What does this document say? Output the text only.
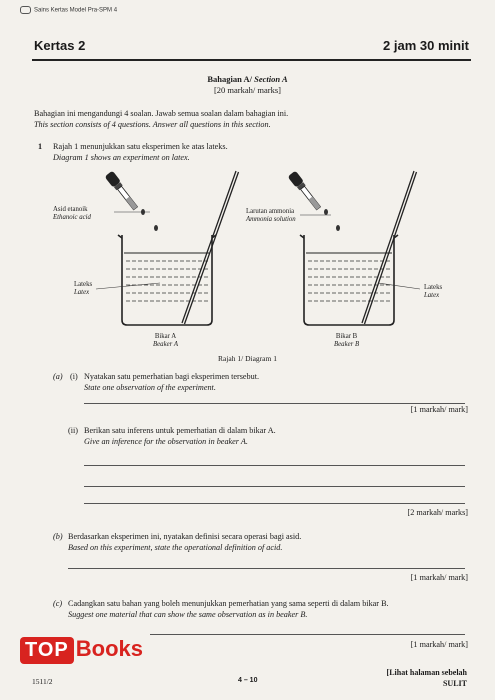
Sains Kertas Model Pra-SPM 4
Kertas 2	2 jam 30 minit
Bahagian A/ Section A
[20 markah/ marks]
Bahagian ini mengandungi 4 soalan. Jawab semua soalan dalam bahagian ini.
This section consists of 4 questions. Answer all questions in this section.
1 Rajah 1 menunjukkan satu eksperimen ke atas lateks.
Diagram 1 shows an experiment on latex.
Asid etanoik
Ethanoic acid
Lateks
Latex
Bikar A
Beaker A
Larutan ammonia
Ammonia solution
Lateks
Latex
Bikar B
Beaker B
Rajah 1/ Diagram 1
(a) (i) Nyatakan satu pemerhatian bagi eksperimen tersebut.
State one observation of the experiment.
[1 markah/ mark]
(ii) Berikan satu inferens untuk pemerhatian di dalam bikar A.
Give an inference for the observation in beaker A.
[2 markah/ marks]
(b) Berdasarkan eksperimen ini, nyatakan definisi secara operasi bagi asid.
Based on this experiment, state the operational definition of acid.
[1 markah/ mark]
(c) Cadangkan satu bahan yang boleh menunjukkan pemerhatian yang sama seperti di dalam bikar B.
Suggest one material that can show the same observation as in beaker B.
[1 markah/ mark]
TOP Books
1511/2	4 – 10
[Lihat halaman sebelah
SULIT
